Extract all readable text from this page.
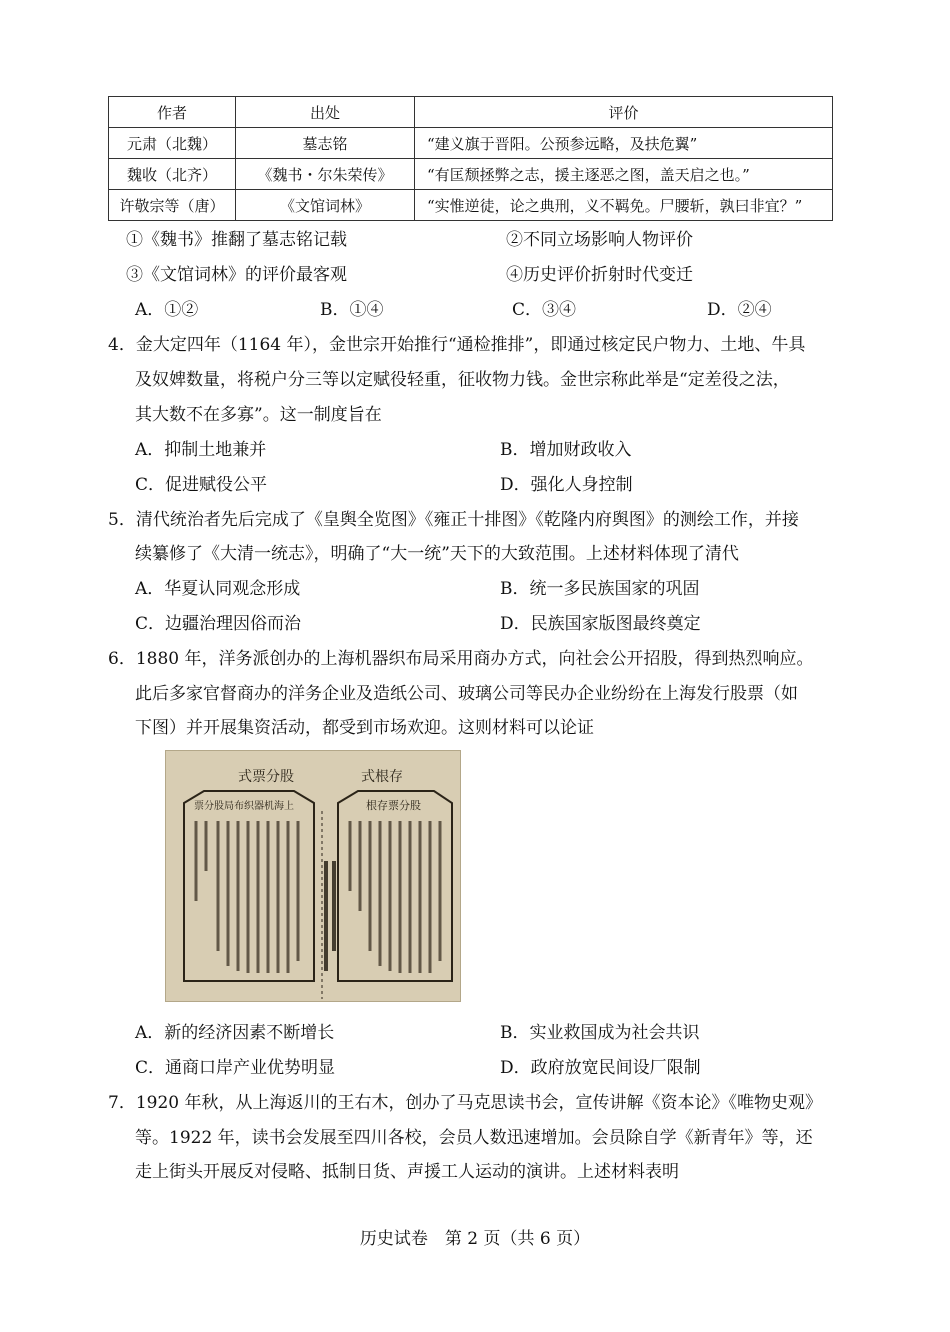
作者	出处	评价
元肃（北魏）	墓志铭	“建义旗于晋阳。公预参远略，及扶危翼”
魏收（北齐）	《魏书・尔朱荣传》	“有匡颓拯弊之志，援主逐恶之图，盖天启之也。”
许敬宗等（唐）	《文馆词林》	“实惟逆徒，论之典刑，义不羁免。尸腰斩，孰曰非宜？”
①《魏书》推翻了墓志铭记载	②不同立场影响人物评价
③《文馆词林》的评价最客观	④历史评价折射时代变迁
A．①②	B．①④	C．③④	D．②④
4．金大定四年（1164 年），金世宗开始推行“通检推排”，即通过核定民户物力、土地、牛具
及奴婢数量，将税户分三等以定赋役轻重，征收物力钱。金世宗称此举是“定差役之法，
其大数不在多寡”。这一制度旨在
A．抑制土地兼并	B．增加财政收入
C．促进赋役公平	D．强化人身控制
5．清代统治者先后完成了《皇舆全览图》《雍正十排图》《乾隆内府舆图》的测绘工作，并接
续纂修了《大清一统志》，明确了“大一统”天下的大致范围。上述材料体现了清代
A．华夏认同观念形成	B．统一多民族国家的巩固
C．边疆治理因俗而治	D．民族国家版图最终奠定
6．1880 年，洋务派创办的上海机器织布局采用商办方式，向社会公开招股，得到热烈响应。
此后多家官督商办的洋务企业及造纸公司、玻璃公司等民办企业纷纷在上海发行股票（如
下图）并开展集资活动，都受到市场欢迎。这则材料可以论证
式票分股
票分股局布织器机海上
式根存
根存票分股
A．新的经济因素不断增长	B．实业救国成为社会共识
C．通商口岸产业优势明显	D．政府放宽民间设厂限制
7．1920 年秋，从上海返川的王右木，创办了马克思读书会，宣传讲解《资本论》《唯物史观》
等。1922 年，读书会发展至四川各校，会员人数迅速增加。会员除自学《新青年》等，还
走上街头开展反对侵略、抵制日货、声援工人运动的演讲。上述材料表明
历史试卷　第 2 页（共 6 页）
